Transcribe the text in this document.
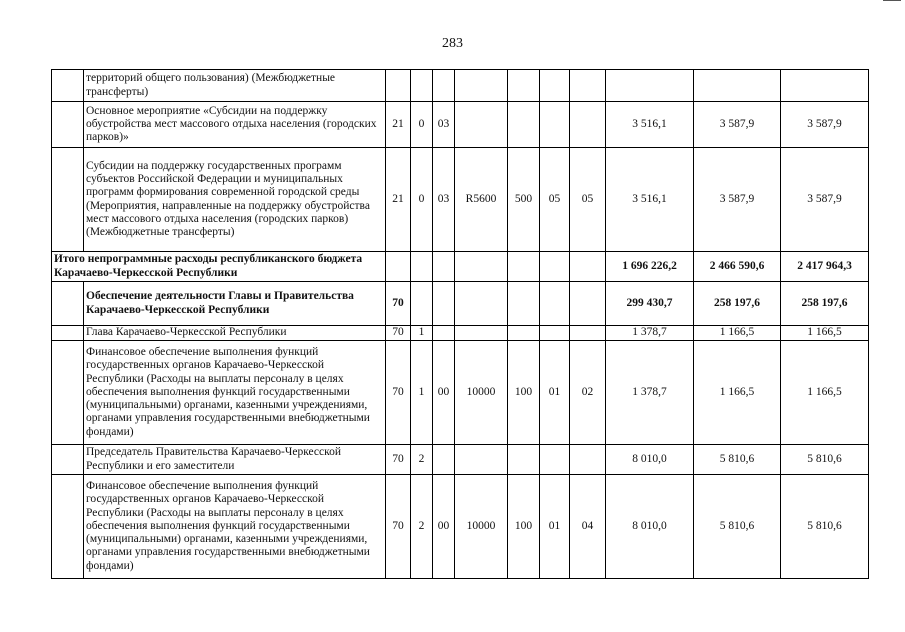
283
	территорий общего пользования) (Межбюджетные трансферты)										
	Основное мероприятие «Субсидии на поддержку обустройства мест массового отдыха населения (городских парков)»	21	0	03					3 516,1	3 587,9	3 587,9
	Субсидии на поддержку государственных программ субъектов Российской Федерации и муниципальных программ формирования современной городской среды (Мероприятия, направленные на поддержку обустройства мест массового отдыха населения (городских парков) (Межбюджетные трансферты)	21	0	03	R5600	500	05	05	3 516,1	3 587,9	3 587,9
Итого непрограммные расходы республиканского бюджета Карачаево-Черкесской Республики									1 696 226,2	2 466 590,6	2 417 964,3
	Обеспечение деятельности Главы и Правительства Карачаево-Черкесской Республики	70							299 430,7	258 197,6	258 197,6
	Глава Карачаево-Черкесской Республики	70	1						1 378,7	1 166,5	1 166,5
	Финансовое обеспечение выполнения функций государственных органов Карачаево-Черкесской Республики (Расходы на выплаты персоналу в целях обеспечения выполнения функций государственными (муниципальными) органами, казенными учреждениями, органами управления государственными внебюджетными фондами)	70	1	00	10000	100	01	02	1 378,7	1 166,5	1 166,5
	Председатель Правительства Карачаево-Черкесской Республики и его заместители	70	2						8 010,0	5 810,6	5 810,6
	Финансовое обеспечение выполнения функций государственных органов Карачаево-Черкесской Республики (Расходы на выплаты персоналу в целях обеспечения выполнения функций государственными (муниципальными) органами, казенными учреждениями, органами управления государственными внебюджетными фондами)	70	2	00	10000	100	01	04	8 010,0	5 810,6	5 810,6
